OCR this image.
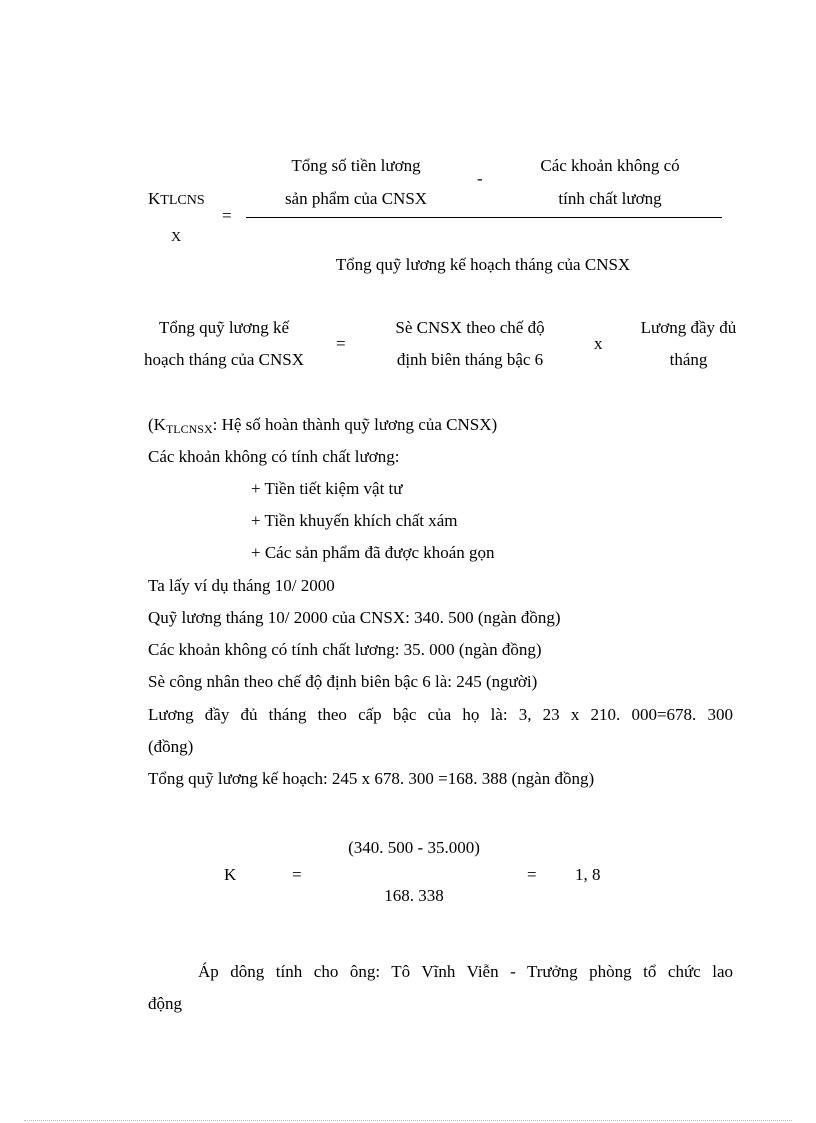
Tổng số tiền lương
sản phẩm của CNSX
-
Các khoản không có
tính chất lương
KTLCNS
=
X
Tổng quỹ lương kế hoạch tháng của CNSX
Tổng quỹ lương kế
hoạch tháng của CNSX
=
Sè CNSX theo chế độ
định biên tháng bậc 6
x
Lương đầy đủ
tháng
($K_{TLCNSX}$: Hệ số hoàn thành quỹ lương của CNSX)
Các khoản không có tính chất lương:
+ Tiền tiết kiệm vật tư
+ Tiền khuyến khích chất xám
+ Các sản phẩm đã được khoán gọn
Ta lấy ví dụ tháng 10/ 2000
Quỹ lương tháng 10/ 2000 của CNSX: 340. 500 (ngàn đồng)
Các khoản không có tính chất lương: 35. 000 (ngàn đồng)
Sè công nhân theo chế độ định biên bậc 6 là: 245 (người)
Lương đầy đủ tháng theo cấp bậc của họ là: 3, 23 x 210. 000=678. 300
(đồng)
Tổng quỹ lương kế hoạch: 245 x 678. 300 =168. 388 (ngàn đồng)
(340. 500 - 35.000)
K	=	= 1, 8
168. 338
Áp dông tính cho ông: Tô Vĩnh Viễn - Trưởng phòng tổ chức lao
động
